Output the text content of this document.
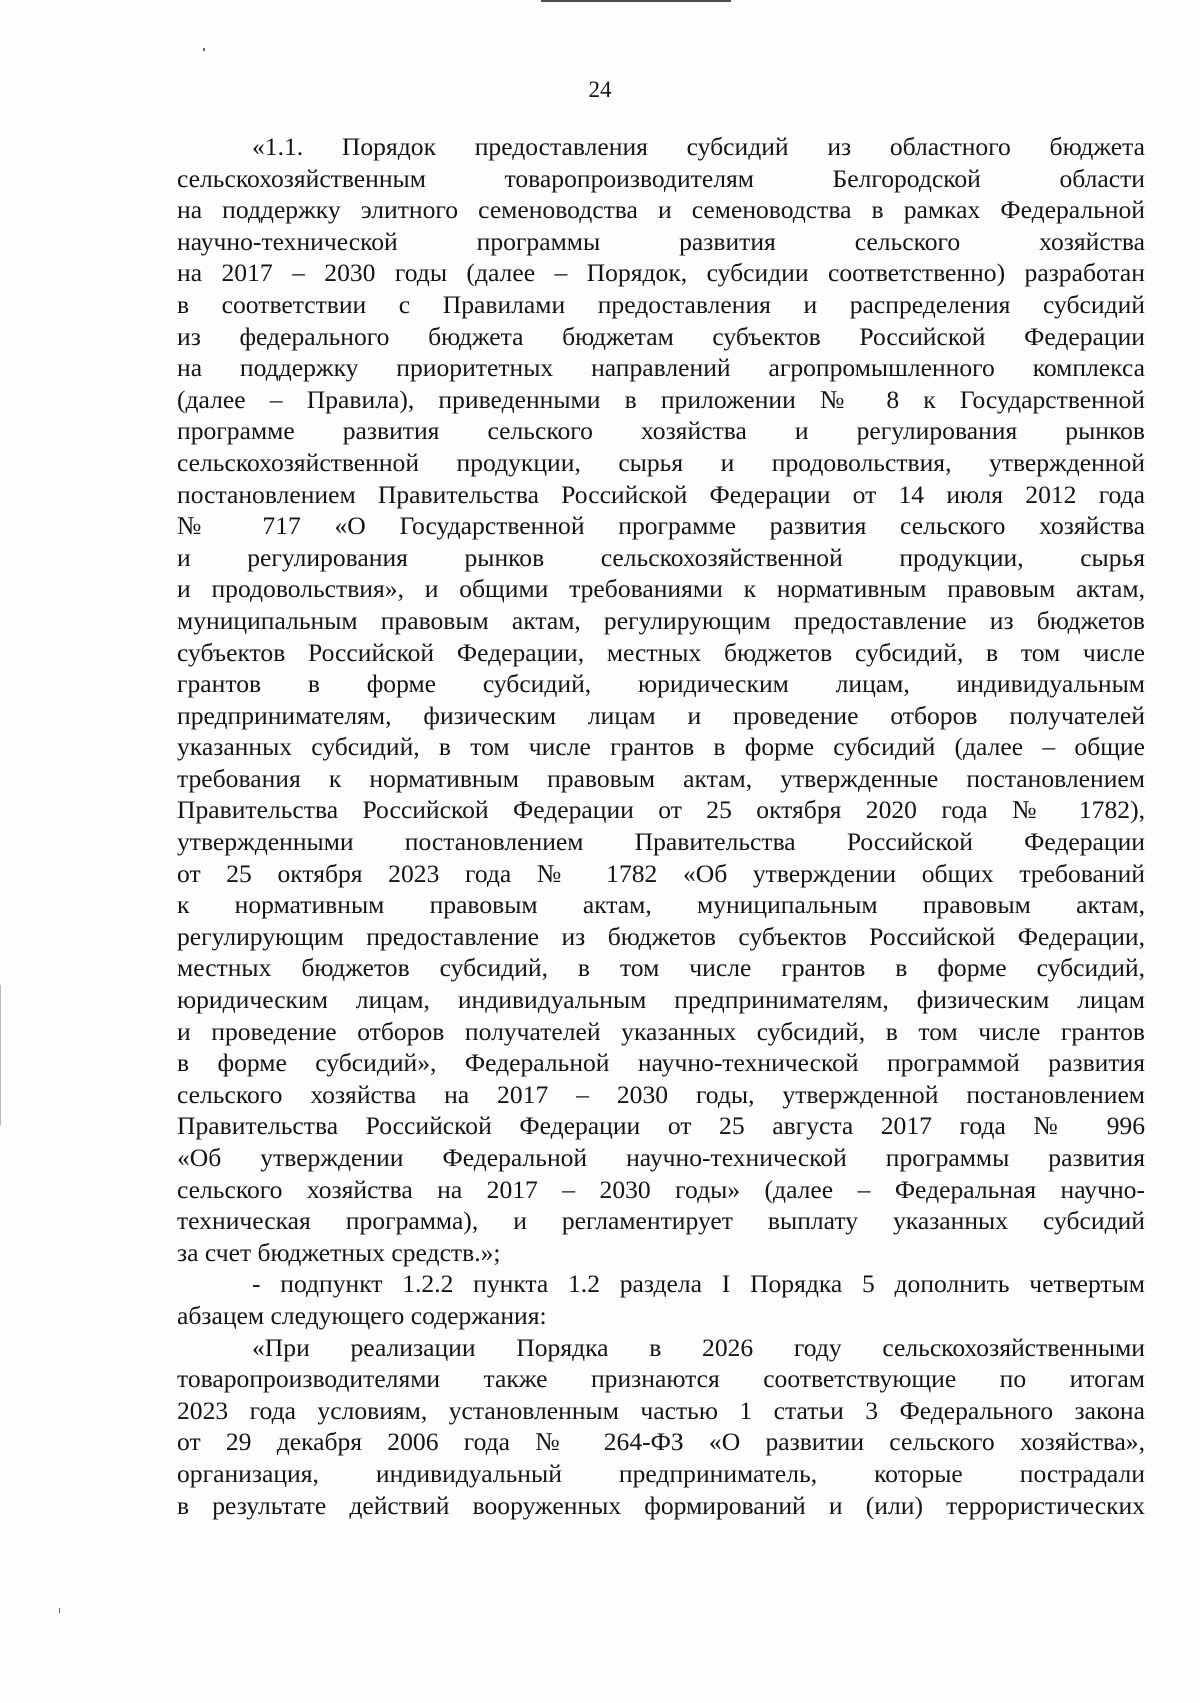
24
«1.1. Порядок предоставления субсидий из областного бюджета
сельскохозяйственным товаропроизводителям Белгородской области
на поддержку элитного семеноводства и семеноводства в рамках Федеральной
научно-технической программы развития сельского хозяйства
на 2017 – 2030 годы (далее – Порядок, субсидии соответственно) разработан
в соответствии с Правилами предоставления и распределения субсидий
из федерального бюджета бюджетам субъектов Российской Федерации
на поддержку приоритетных направлений агропромышленного комплекса
(далее – Правила), приведенными в приложении № 8 к Государственной
программе развития сельского хозяйства и регулирования рынков
сельскохозяйственной продукции, сырья и продовольствия, утвержденной
постановлением Правительства Российской Федерации от 14 июля 2012 года
№ 717 «О Государственной программе развития сельского хозяйства
и регулирования рынков сельскохозяйственной продукции, сырья
и продовольствия», и общими требованиями к нормативным правовым актам,
муниципальным правовым актам, регулирующим предоставление из бюджетов
субъектов Российской Федерации, местных бюджетов субсидий, в том числе
грантов в форме субсидий, юридическим лицам, индивидуальным
предпринимателям, физическим лицам и проведение отборов получателей
указанных субсидий, в том числе грантов в форме субсидий (далее – общие
требования к нормативным правовым актам, утвержденные постановлением
Правительства Российской Федерации от 25 октября 2020 года № 1782),
утвержденными постановлением Правительства Российской Федерации
от 25 октября 2023 года № 1782 «Об утверждении общих требований
к нормативным правовым актам, муниципальным правовым актам,
регулирующим предоставление из бюджетов субъектов Российской Федерации,
местных бюджетов субсидий, в том числе грантов в форме субсидий,
юридическим лицам, индивидуальным предпринимателям, физическим лицам
и проведение отборов получателей указанных субсидий, в том числе грантов
в форме субсидий», Федеральной научно-технической программой развития
сельского хозяйства на 2017 – 2030 годы, утвержденной постановлением
Правительства Российской Федерации от 25 августа 2017 года № 996
«Об утверждении Федеральной научно-технической программы развития
сельского хозяйства на 2017 – 2030 годы» (далее – Федеральная научно-
техническая программа), и регламентирует выплату указанных субсидий
за счет бюджетных средств.»;
- подпункт 1.2.2 пункта 1.2 раздела I Порядка 5 дополнить четвертым
абзацем следующего содержания:
«При реализации Порядка в 2026 году сельскохозяйственными
товаропроизводителями также признаются соответствующие по итогам
2023 года условиям, установленным частью 1 статьи 3 Федерального закона
от 29 декабря 2006 года № 264-ФЗ «О развитии сельского хозяйства»,
организация, индивидуальный предприниматель, которые пострадали
в результате действий вооруженных формирований и (или) террористических
